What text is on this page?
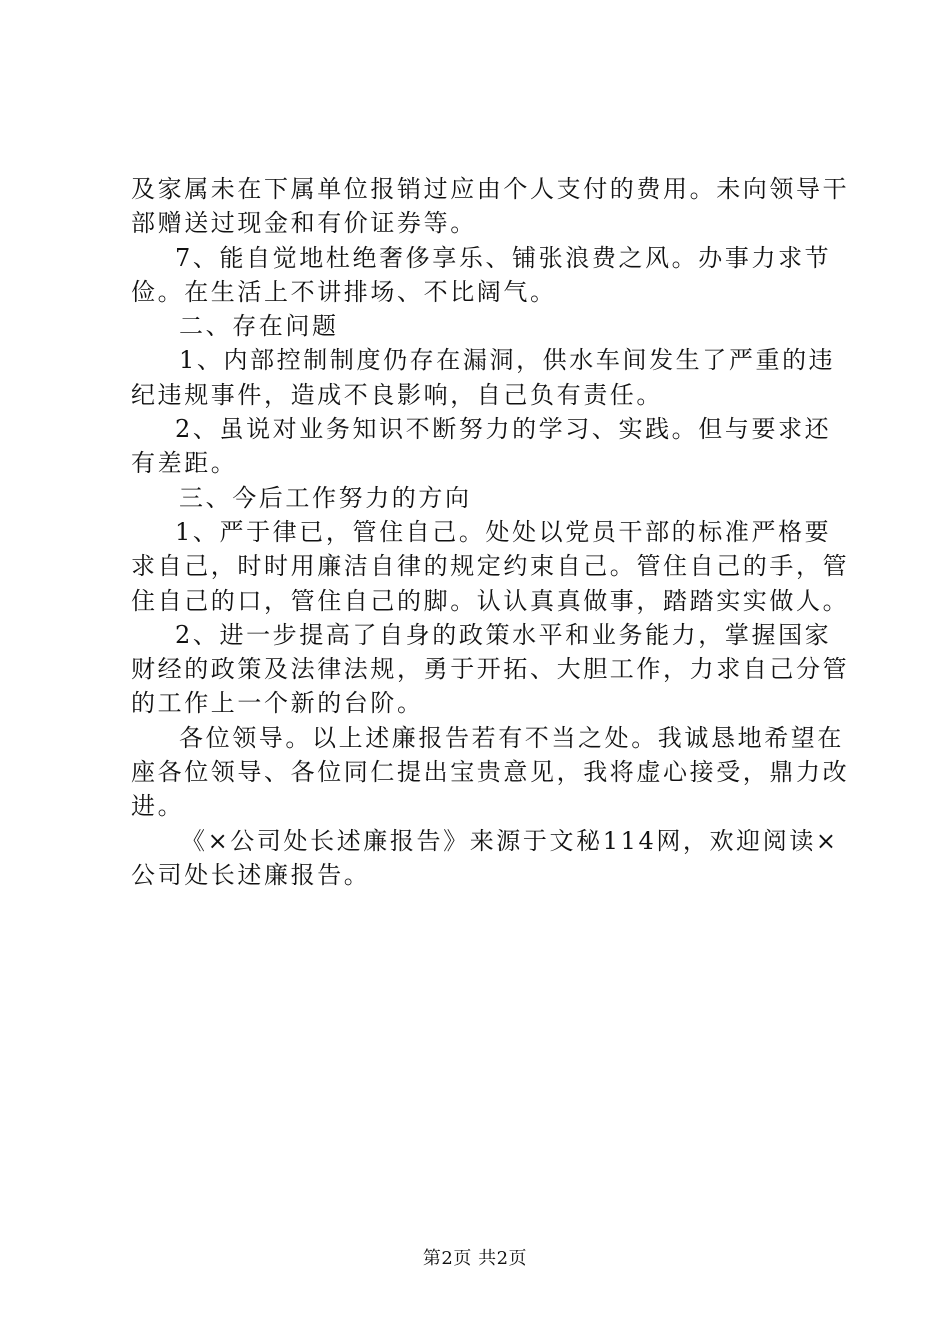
及家属未在下属单位报销过应由个人支付的费用。未向领导干部赠送过现金和有价证券等。

7、能自觉地杜绝奢侈享乐、铺张浪费之风。办事力求节俭。在生活上不讲排场、不比阔气。

二、存在问题

1、内部控制制度仍存在漏洞，供水车间发生了严重的违纪违规事件，造成不良影响，自己负有责任。

2、虽说对业务知识不断努力的学习、实践。但与要求还有差距。

三、今后工作努力的方向

1、严于律已，管住自己。处处以党员干部的标准严格要求自己，时时用廉洁自律的规定约束自己。管住自己的手，管住自己的口，管住自己的脚。认认真真做事，踏踏实实做人。

2、进一步提高了自身的政策水平和业务能力，掌握国家财经的政策及法律法规，勇于开拓、大胆工作，力求自己分管的工作上一个新的台阶。

各位领导。以上述廉报告若有不当之处。我诚恳地希望在座各位领导、各位同仁提出宝贵意见，我将虚心接受，鼎力改进。

《×公司处长述廉报告》来源于文秘114网，欢迎阅读×公司处长述廉报告。

第2页 共2页
